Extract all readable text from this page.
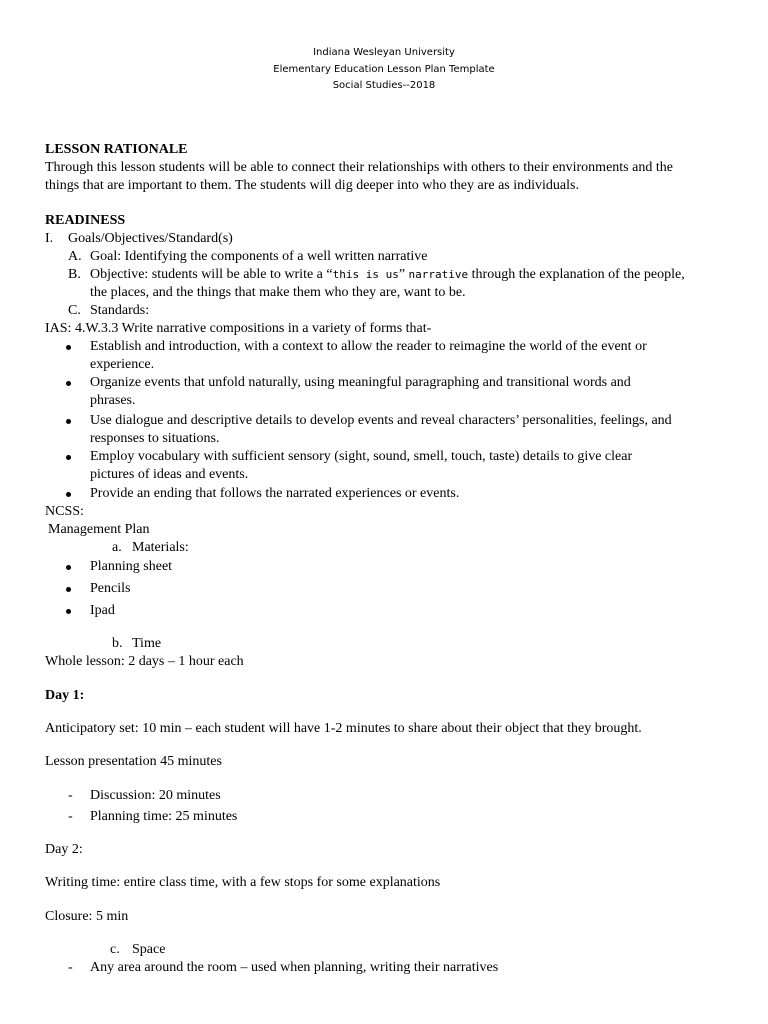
Indiana Wesleyan University
Elementary Education Lesson Plan Template
Social Studies--2018
LESSON RATIONALE
Through this lesson students will be able to connect their relationships with others to their environments and the
things that are important to them. The students will dig deeper into who they are as individuals.
READINESS
I. Goals/Objectives/Standard(s)
A. Goal: Identifying the components of a well written narrative
B. Objective: students will be able to write a “this is us” narrative through the explanation of the people,
the places, and the things that make them who they are, want to be.
C. Standards:
IAS: 4.W.3.3 Write narrative compositions in a variety of forms that-
Establish and introduction, with a context to allow the reader to reimagine the world of the event or
experience.
Organize events that unfold naturally, using meaningful paragraphing and transitional words and
phrases.
Use dialogue and descriptive details to develop events and reveal characters’ personalities, feelings, and
responses to situations.
Employ vocabulary with sufficient sensory (sight, sound, smell, touch, taste) details to give clear
pictures of ideas and events.
Provide an ending that follows the narrated experiences or events.
NCSS:
Management Plan
a. Materials:
Planning sheet
Pencils
Ipad
b. Time
Whole lesson: 2 days – 1 hour each
Day 1:
Anticipatory set: 10 min – each student will have 1-2 minutes to share about their object that they brought.
Lesson presentation 45 minutes
- Discussion: 20 minutes
- Planning time: 25 minutes
Day 2:
Writing time: entire class time, with a few stops for some explanations
Closure: 5 min
c. Space
- Any area around the room – used when planning, writing their narratives
